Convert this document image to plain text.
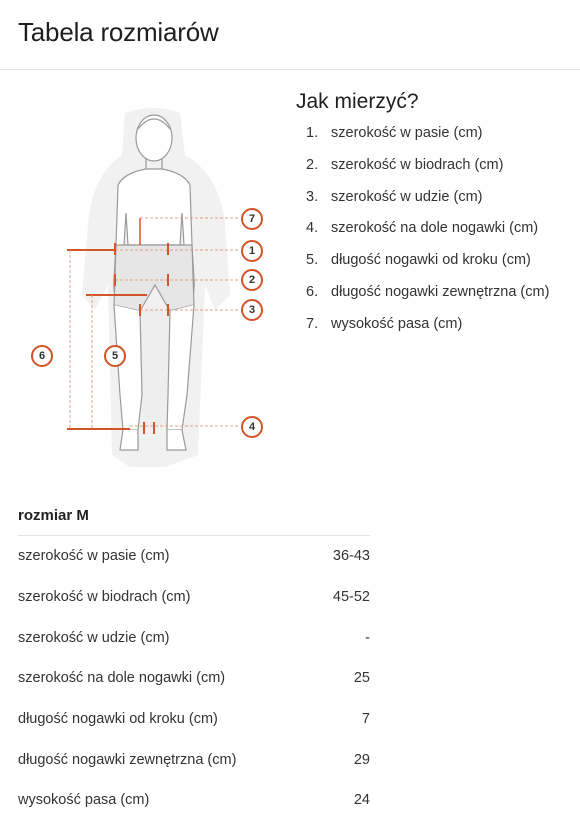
Tabela rozmiarów
7
1
2
3
4
5
6
Jak mierzyć?
1. szerokość w pasie (cm)
2. szerokość w biodrach (cm)
3. szerokość w udzie (cm)
4. szerokość na dole nogawki (cm)
5. długość nogawki od kroku (cm)
6. długość nogawki zewnętrzna (cm)
7. wysokość pasa (cm)
rozmiar M
szerokość w pasie (cm)	36-43
szerokość w biodrach (cm)	45-52
szerokość w udzie (cm)	-
szerokość na dole nogawki (cm)	25
długość nogawki od kroku (cm)	7
długość nogawki zewnętrzna (cm)	29
wysokość pasa (cm)	24
